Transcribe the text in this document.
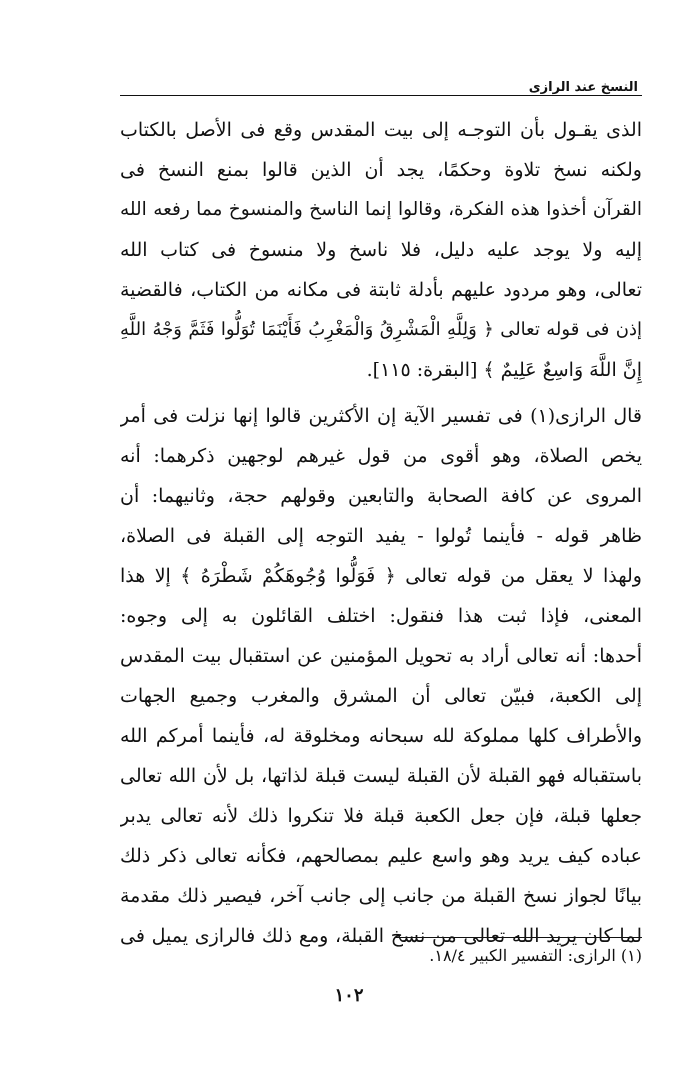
النسخ عند الرازى
الذى يقـول بأن التوجـه إلى بيت المقدس وقع فى الأصل بالكتاب
ولكنه نسخ تلاوة وحكمًا، يجد أن الذين قالوا بمنع النسخ فى
القرآن أخذوا هذه الفكرة، وقالوا إنما الناسخ والمنسوخ مما رفعه الله
إليه ولا يوجد عليه دليل، فلا ناسخ ولا منسوخ فى كتاب الله
تعالى، وهو مردود عليهم بأدلة ثابتة فى مكانه من الكتاب، فالقضية
إذن فى قوله تعالى ﴿ وَلِلَّهِ الْمَشْرِقُ وَالْمَغْرِبُ فَأَيْنَمَا تُوَلُّوا فَثَمَّ وَجْهُ اللَّهِ
إِنَّ اللَّهَ وَاسِعٌ عَلِيمٌ ﴾ [البقرة: ١١٥].
قال الرازى(١) فى تفسير الآية إن الأكثرين قالوا إنها نزلت فى أمر
يخص الصلاة، وهو أقوى من قول غيرهم لوجهين ذكرهما: أنه
المروى عن كافة الصحابة والتابعين وقولهم حجة، وثانيهما: أن
ظاهر قوله - فأينما تُولوا - يفيد التوجه إلى القبلة فى الصلاة،
ولهذا لا يعقل من قوله تعالى ﴿ فَوَلُّوا وُجُوهَكُمْ شَطْرَهُ ﴾ إلا هذا
المعنى، فإذا ثبت هذا فنقول: اختلف القائلون به إلى وجوه:
أحدها: أنه تعالى أراد به تحويل المؤمنين عن استقبال بيت المقدس
إلى الكعبة، فبيّن تعالى أن المشرق والمغرب وجميع الجهات
والأطراف كلها مملوكة لله سبحانه ومخلوقة له، فأينما أمركم الله
باستقباله فهو القبلة لأن القبلة ليست قبلة لذاتها، بل لأن الله تعالى
جعلها قبلة، فإن جعل الكعبة قبلة فلا تنكروا ذلك لأنه تعالى يدبر
عباده كيف يريد وهو واسع عليم بمصالحهم، فكأنه تعالى ذكر ذلك
بيانًا لجواز نسخ القبلة من جانب إلى جانب آخر، فيصير ذلك مقدمة
لما كان يريد الله تعالى من نسخ القبلة، ومع ذلك فالرازى يميل فى
(١) الرازى: التفسير الكبير ١٨/٤.
١٠٢
